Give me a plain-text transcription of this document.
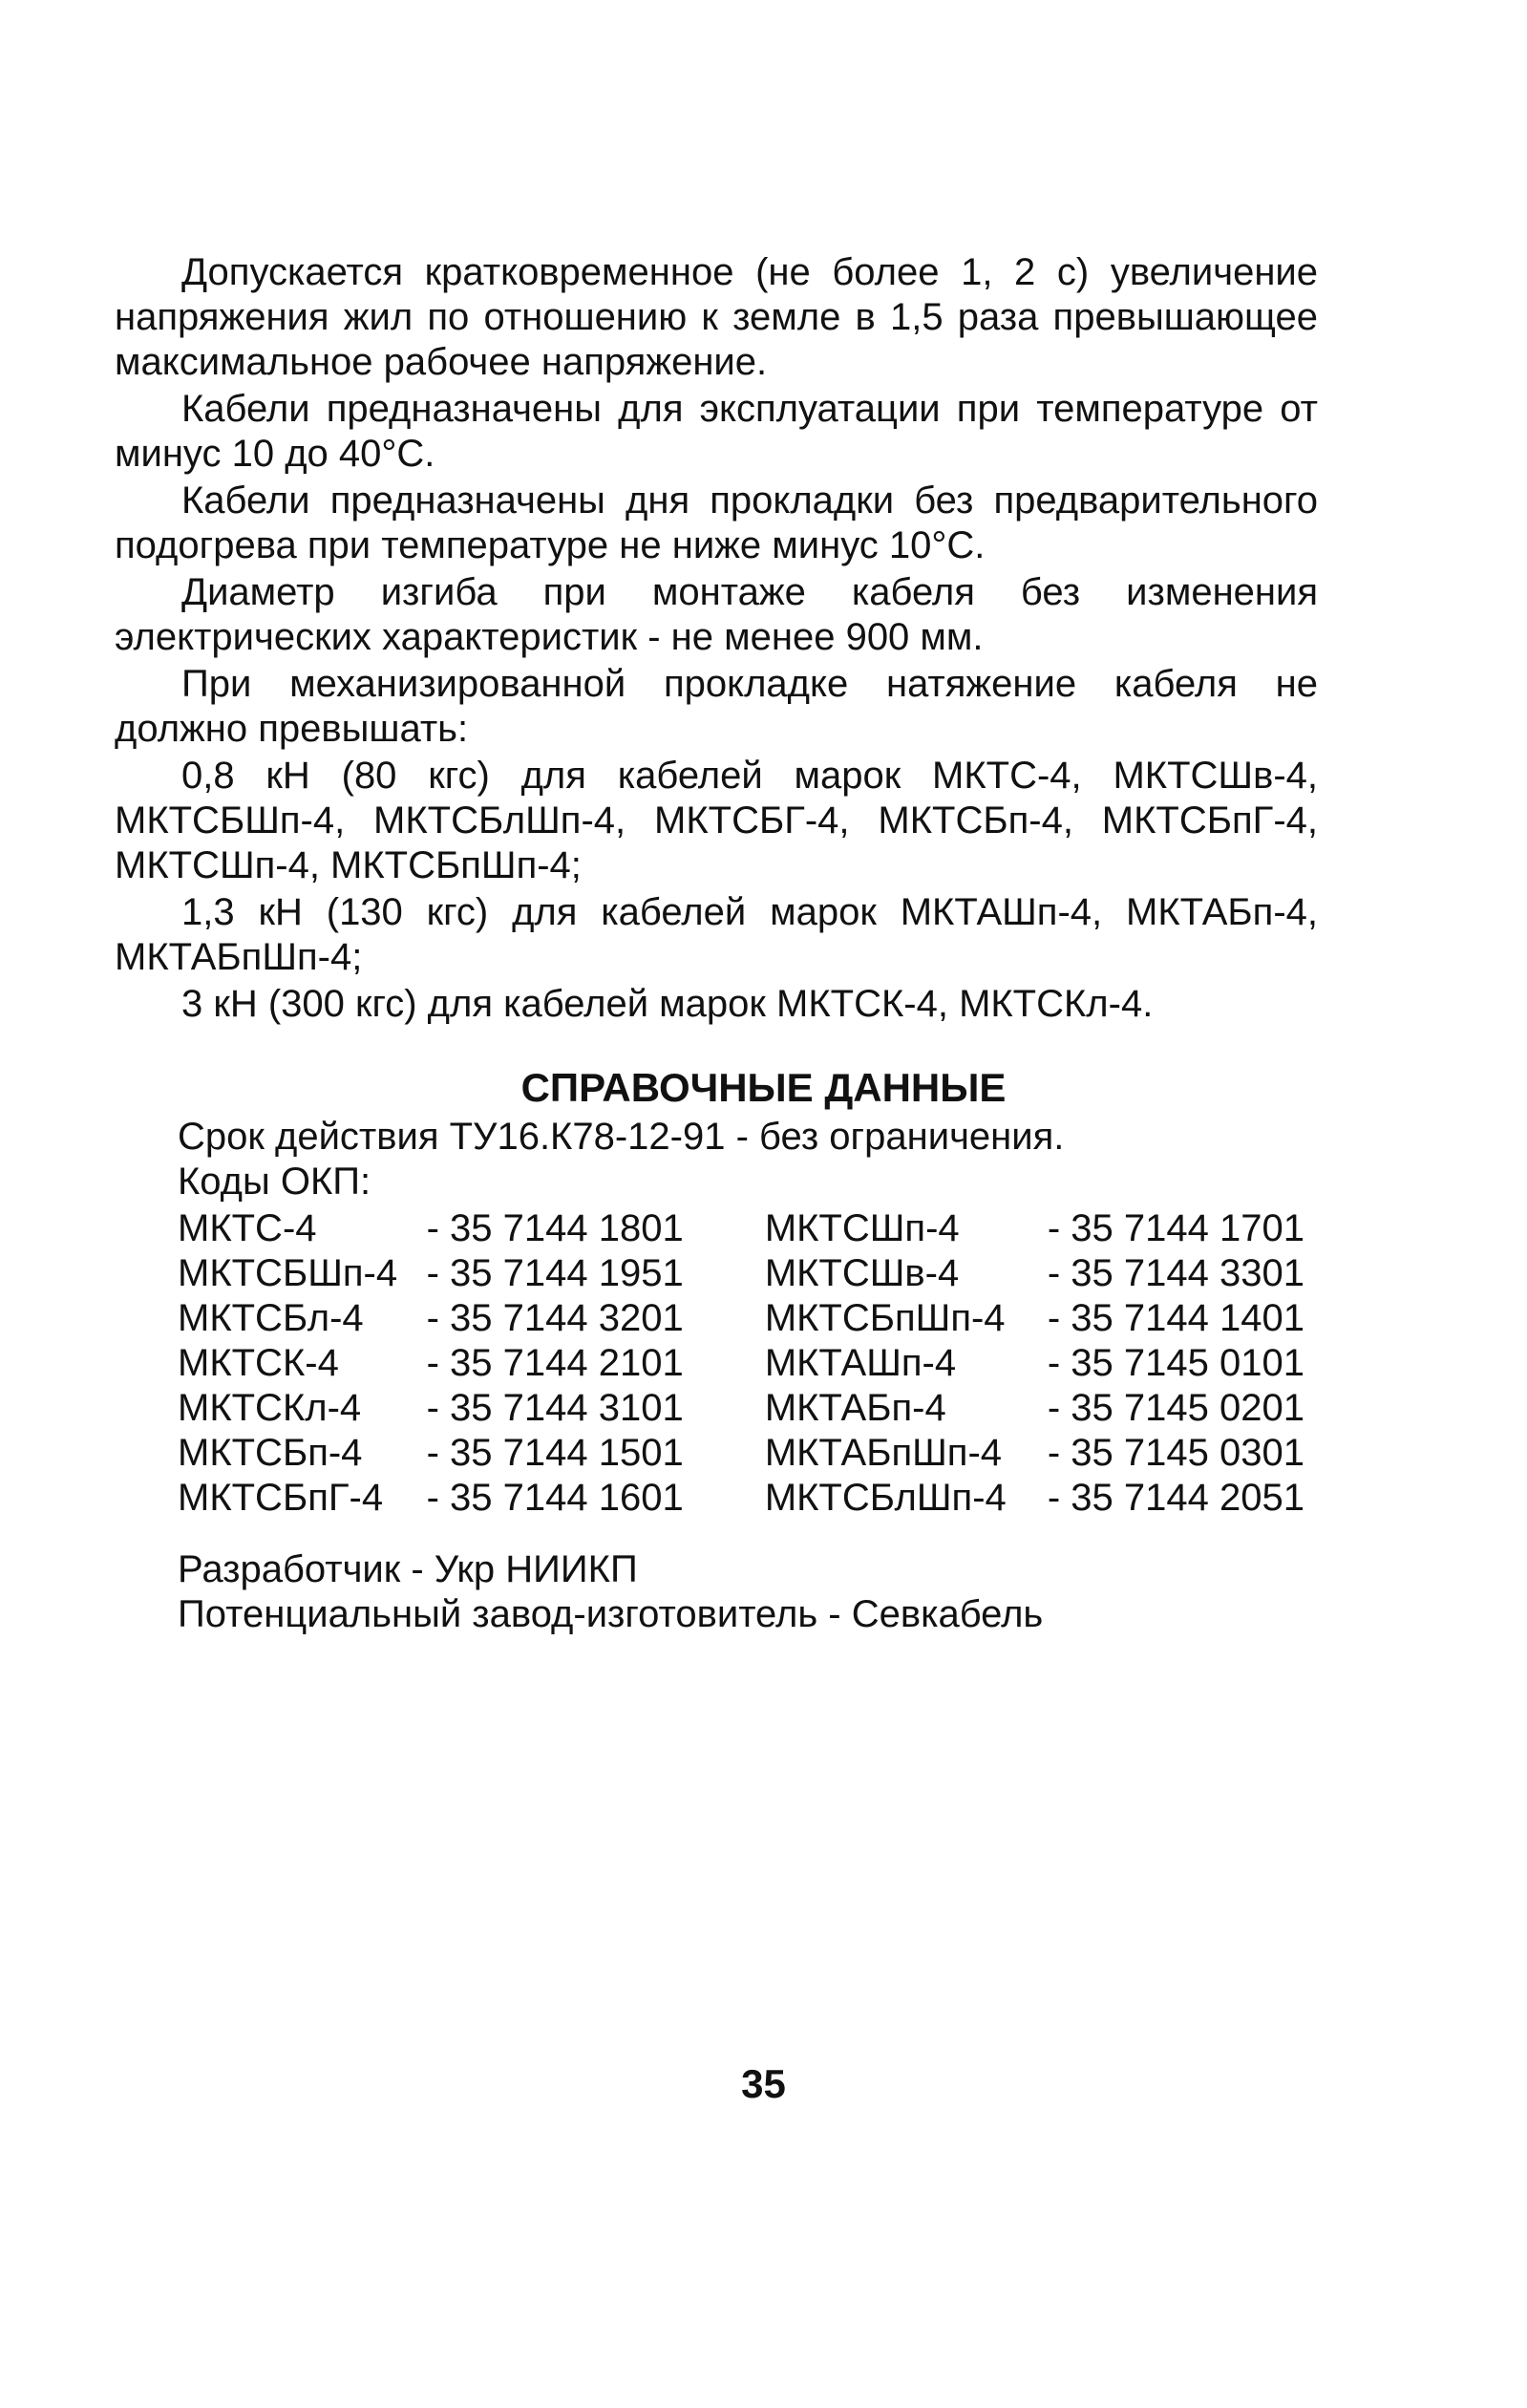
Допускается кратковременное (не более 1, 2 с) увеличение напряжения жил по отношению к земле в 1,5 раза превышающее максимальное рабочее напряжение.

Кабели предназначены для эксплуатации при температуре от минус 10 до 40°С.

Кабели предназначены дня прокладки без предварительного подогрева при температуре не ниже минус 10°С.

Диаметр изгиба при монтаже кабеля без изменения электрических характеристик - не менее 900 мм.

При механизированной прокладке натяжение кабеля не должно превышать:

0,8 кН (80 кгс) для кабелей марок МКТС-4, МКТСШв-4, МКТСБШп-4, МКТСБлШп-4, МКТСБГ-4, МКТСБп-4, МКТСБпГ-4, МКТСШп-4, МКТСБпШп-4;

1,3 кН (130 кгс) для кабелей марок МКТАШп-4, МКТАБп-4, МКТАБпШп-4;

3 кН (300 кгс) для кабелей марок МКТСК-4, МКТСКл-4.

СПРАВОЧНЫЕ ДАННЫЕ
Срок действия ТУ16.К78-12-91 - без ограничения.
Коды ОКП:
МКТС-4	- 35 7144 1801	МКТСШп-4	- 35 7144 1701
МКТСБШп-4	- 35 7144 1951	МКТСШв-4	- 35 7144 3301
МКТСБл-4	- 35 7144 3201	МКТСБпШп-4	- 35 7144 1401
МКТСК-4	- 35 7144 2101	МКТАШп-4	- 35 7145 0101
МКТСКл-4	- 35 7144 3101	МКТАБп-4	- 35 7145 0201
МКТСБп-4	- 35 7144 1501	МКТАБпШп-4	- 35 7145 0301
МКТСБпГ-4	- 35 7144 1601	МКТСБлШп-4	- 35 7144 2051
Разработчик - Укр НИИКП
Потенциальный завод-изготовитель - Севкабель
35
